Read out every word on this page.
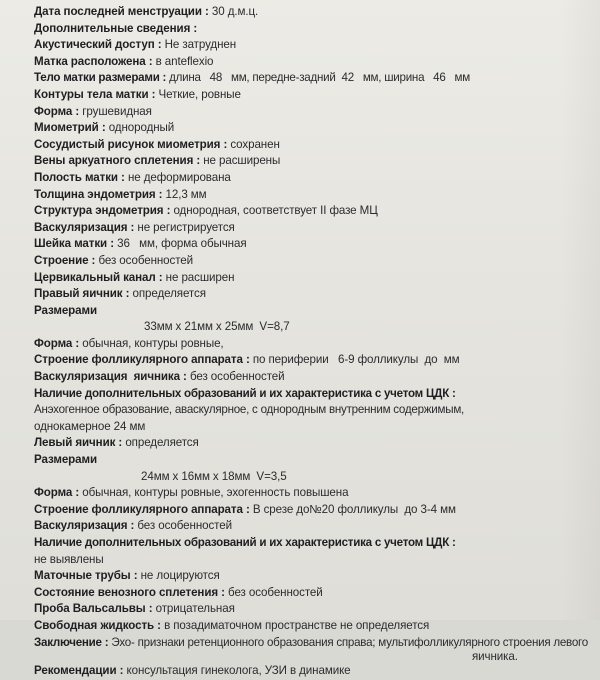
Дата последней менструации : 30 д.м.ц.
Дополнительные сведения :
Акустический доступ : Не затруднен
Матка расположена : в anteflexio
Тело матки размерами : длина   48   мм, передне-задний  42   мм, ширина   46   мм
Контуры тела матки : Четкие, ровные
Форма : грушевидная
Миометрий : однородный
Сосудистый рисунок миометрия : сохранен
Вены аркуатного сплетения : не расширены
Полость матки : не деформирована
Толщина эндометрия : 12,3 мм
Структура эндометрия : однородная, соответствует II фазе МЦ
Васкуляризация : не регистрируется
Шейка матки : 36   мм, форма обычная
Строение : без особенностей
Цервикальный канал : не расширен
Правый яичник : определяется
Размерами
33мм x 21мм x 25мм  V=8,7
Форма : обычная, контуры ровные,
Строение фолликулярного аппарата : по периферии   6-9 фолликулы  до  мм
Васкуляризация  яичника : без особенностей
Наличие дополнительных образований и их характеристика с учетом ЦДК :
Анэхогенное образование, аваскулярное, с однородным внутренним содержимым,
однокамерное 24 мм
Левый яичник : определяется
Размерами
24мм x 16мм x 18мм  V=3,5
Форма : обычная, контуры ровные, эхогенность повышена
Строение фолликулярного аппарата : В срезе до№20 фолликулы  до 3-4 мм
Васкуляризация : без особенностей
Наличие дополнительных образований и их характеристика с учетом ЦДК :
не выявлены
Маточные трубы : не лоцируются
Состояние венозного сплетения : без особенностей
Проба Вальсальвы : отрицательная
Свободная жидкость : в позадиматочном пространстве не определяется
Заключение : Эхо- признаки ретенционного образования справа; мультифолликулярного строения левого
яичника.
Рекомендации : консультация гинеколога, УЗИ в динамике
